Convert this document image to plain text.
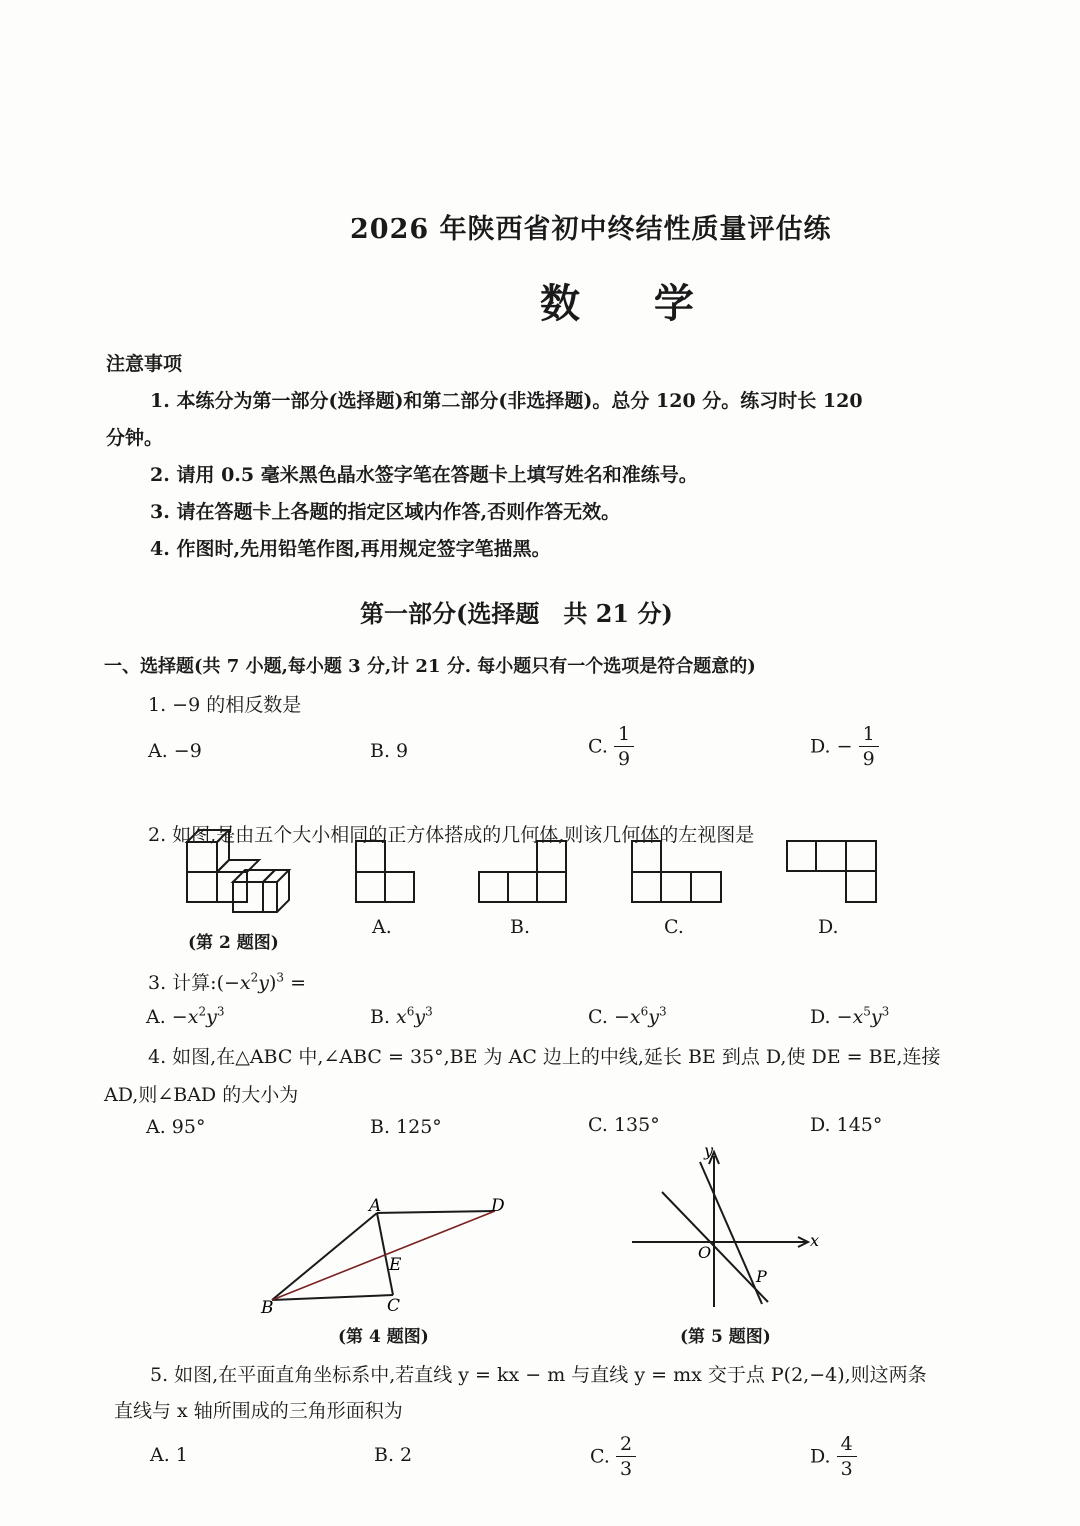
2026 年陕西省初中终结性质量评估练
数 学
注意事项
1. 本练分为第一部分(选择题)和第二部分(非选择题)。总分 120 分。练习时长 120
分钟。
2. 请用 0.5 毫米黑色晶水签字笔在答题卡上填写姓名和准练号。
3. 请在答题卡上各题的指定区域内作答,否则作答无效。
4. 作图时,先用铅笔作图,再用规定签字笔描黑。
第一部分(选择题　共 21 分)
一、选择题(共 7 小题,每小题 3 分,计 21 分. 每小题只有一个选项是符合题意的)
1. −9 的相反数是
A. −9	B. 9	C. $\frac{1}{9}$	D. − $\frac{1}{9}$
2. 如图,是由五个大小相同的正方体搭成的几何体,则该几何体的左视图是
(第 2 题图)
A.	B.	C.	D.
3. 计算$:(-x^2y)^3$ =
A. $-x^2y^3$	B. $x^6y^3$	C. $-x^6y^3$	D. $-x^5y^3$
4. 如图,在△ABC 中,∠ABC = 35°,BE 为 AC 边上的中线,延长 BE 到点 D,使 DE = BE,连接
AD,则∠BAD 的大小为
A. 95°	B. 125°	C. 135°	D. 145°
A
B	C
D
E
(第 4 题图)
y
x
O
P
(第 5 题图)
5. 如图,在平面直角坐标系中,若直线 y = kx − m 与直线 y = mx 交于点 P(2,−4),则这两条
直线与 x 轴所围成的三角形面积为
A. 1	B. 2	C. $\frac{2}{3}$	D. $\frac{4}{3}$
